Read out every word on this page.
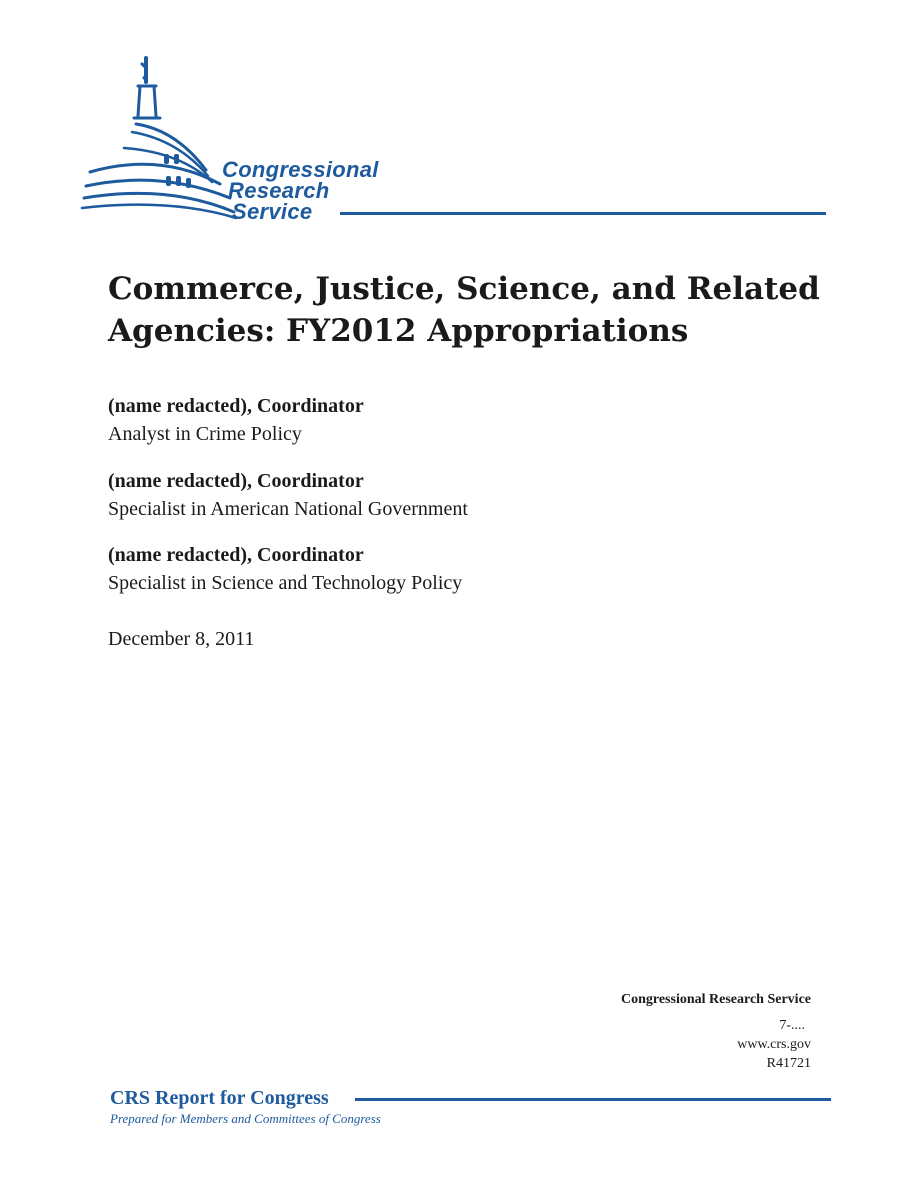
Congressional
Research
Service
Commerce, Justice, Science, and Related Agencies: FY2012 Appropriations

(name redacted), Coordinator

Analyst in Crime Policy

(name redacted), Coordinator

Specialist in American National Government

(name redacted), Coordinator

Specialist in Science and Technology Policy

December 8, 2011
Congressional Research Service
7-....
www.crs.gov
R41721
CRS Report for Congress
Prepared for Members and Committees of Congress
